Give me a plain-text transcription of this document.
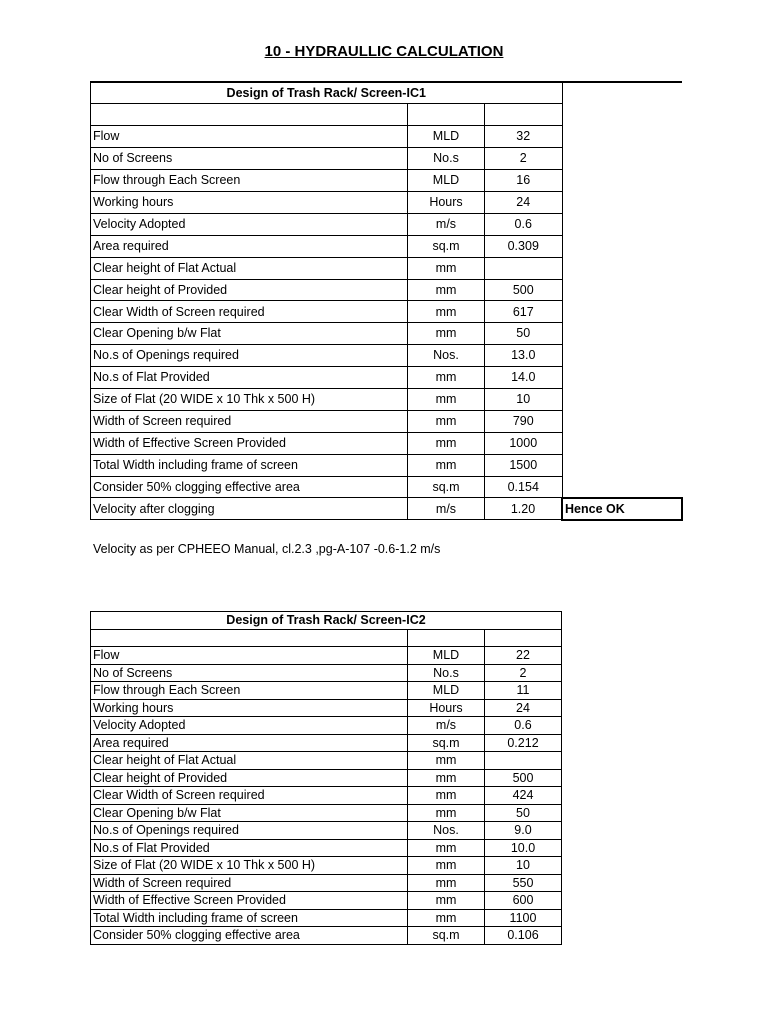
10 - HYDRAULLIC CALCULATION
Design of Trash Rack/ Screen-IC1			

Flow	MLD	32	
No of Screens	No.s	2	
Flow through Each Screen	MLD	16	
Working hours	Hours	24	
Velocity Adopted	m/s	0.6	
Area required	sq.m	0.309	
Clear height of Flat Actual	mm		
Clear height of Provided	mm	500	
Clear Width of Screen required	mm	617	
Clear Opening b/w Flat	mm	50	
No.s of Openings required	Nos.	13.0	
No.s of Flat Provided	mm	14.0	
Size of Flat (20 WIDE x 10 Thk x 500 H)	mm	10	
Width of Screen required	mm	790	
Width of Effective Screen Provided	mm	1000	
Total Width including frame of screen	mm	1500	
Consider 50% clogging effective area	sq.m	0.154	
Velocity after clogging	m/s	1.20	Hence OK
Velocity as per CPHEEO Manual, cl.2.3 ,pg-A-107 -0.6-1.2 m/s
Design of Trash Rack/ Screen-IC2		

Flow	MLD	22
No of Screens	No.s	2
Flow through Each Screen	MLD	11
Working hours	Hours	24
Velocity Adopted	m/s	0.6
Area required	sq.m	0.212
Clear height of Flat Actual	mm	
Clear height of Provided	mm	500
Clear Width of Screen required	mm	424
Clear Opening b/w Flat	mm	50
No.s of Openings required	Nos.	9.0
No.s of Flat Provided	mm	10.0
Size of Flat (20 WIDE x 10 Thk x 500 H)	mm	10
Width of Screen required	mm	550
Width of Effective Screen Provided	mm	600
Total Width including frame of screen	mm	1100
Consider 50% clogging effective area	sq.m	0.106
